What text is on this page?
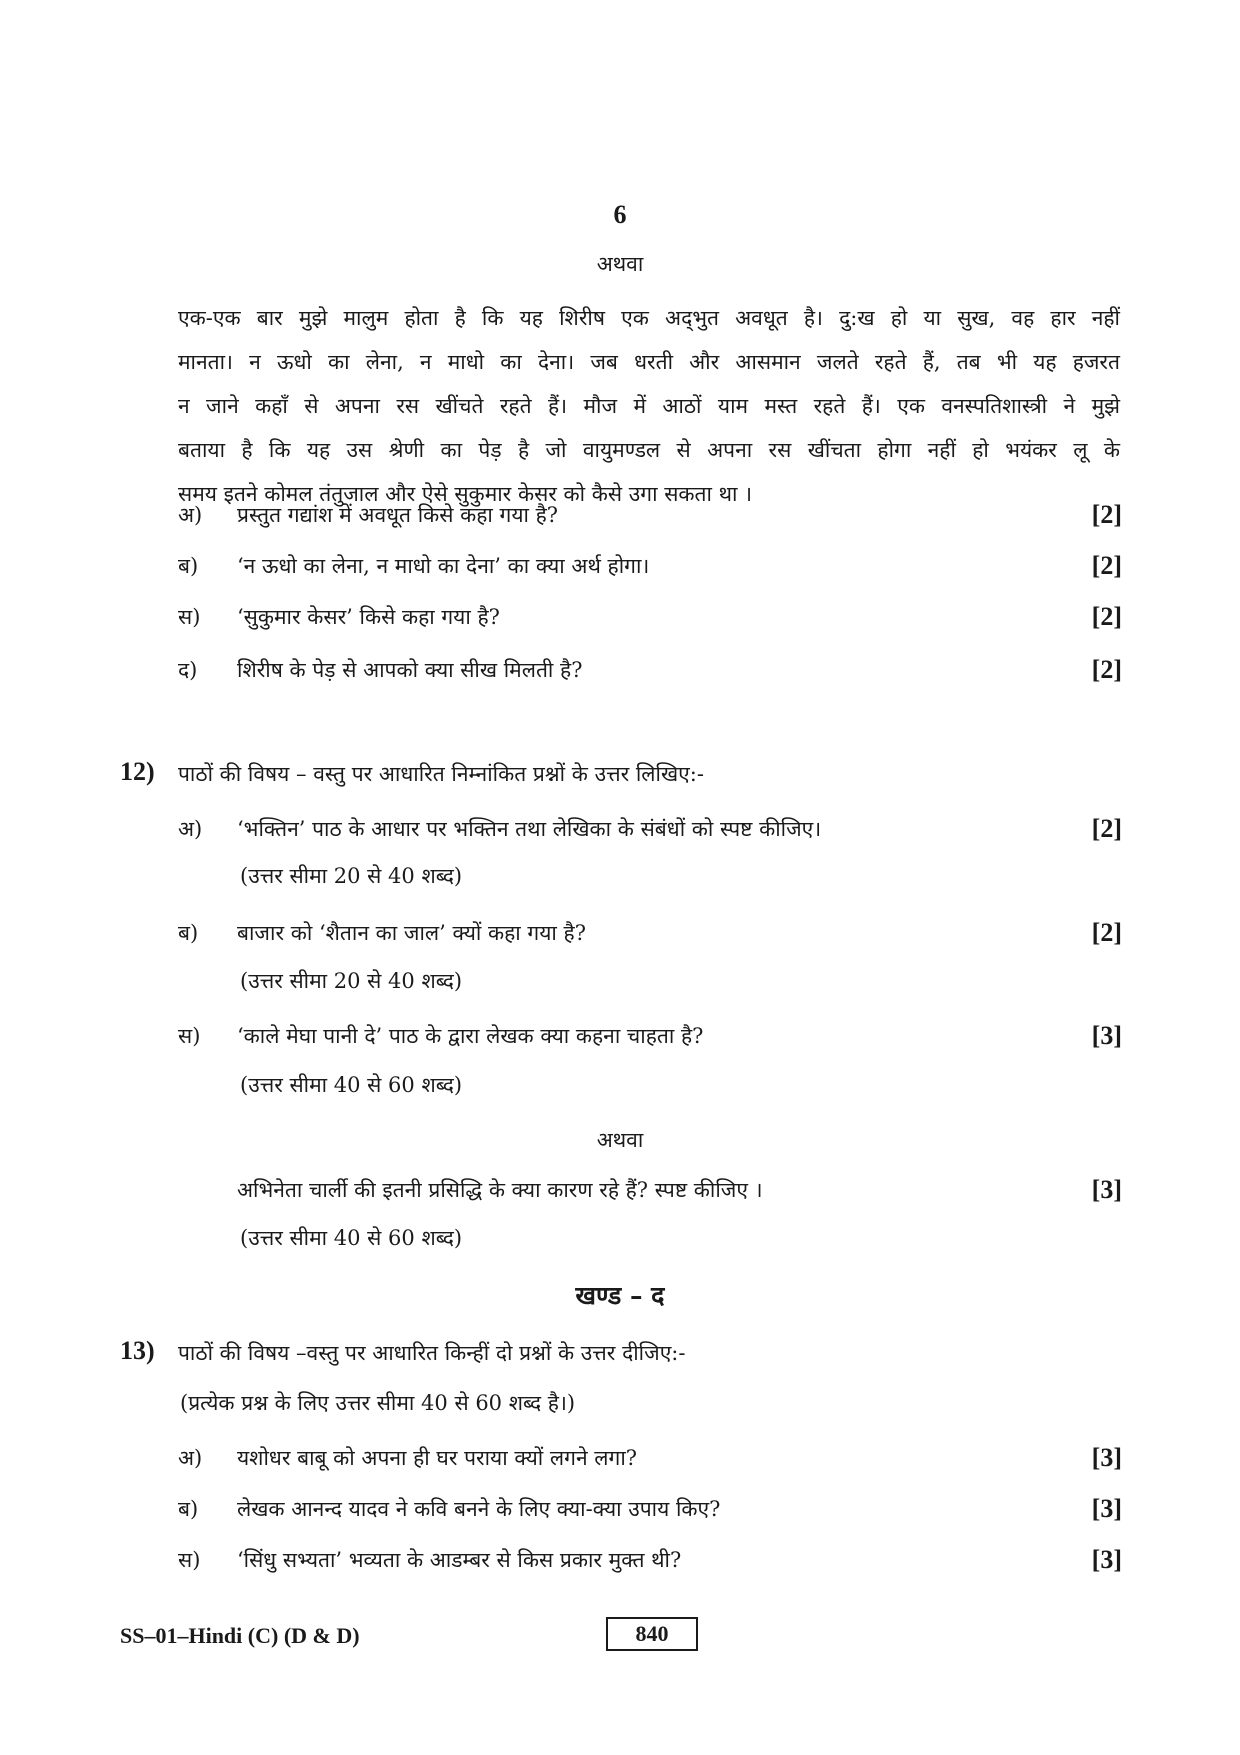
6
अथवा
एक-एक बार मुझे मालुम होता है कि यह शिरीष एक अद्‌भुत अवधूत है। दु:ख हो या सुख, वह हार नहीं
मानता। न ऊधो का लेना, न माधो का देना। जब धरती और आसमान जलते रहते हैं, तब भी यह हजरत
न जाने कहाँ से अपना रस खींचते रहते हैं। मौज में आठों याम मस्त रहते हैं। एक वनस्पतिशास्त्री ने मुझे
बताया है कि यह उस श्रेणी का पेड़ है जो वायुमण्डल से अपना रस खींचता होगा नहीं हो भयंकर लू के
समय इतने कोमल तंतुजाल और ऐसे सुकुमार केसर को कैसे उगा सकता था ।
अ) प्रस्तुत गद्यांश में अवधूत किसे कहा गया है?	[2]
ब) ‘न ऊधो का लेना, न माधो का देना’ का क्या अर्थ होगा।	[2]
स) ‘सुकुमार केसर’ किसे कहा गया है?	[2]
द) शिरीष के पेड़ से आपको क्या सीख मिलती है?	[2]
12) पाठों की विषय – वस्तु पर आधारित निम्नांकित प्रश्नों के उत्तर लिखिए:-
अ) ‘भक्तिन’ पाठ के आधार पर भक्तिन तथा लेखिका के संबंधों को स्पष्ट कीजिए।	[2]
(उत्तर सीमा 20 से 40 शब्द)
ब) बाजार को ‘शैतान का जाल’ क्यों कहा गया है?	[2]
(उत्तर सीमा 20 से 40 शब्द)
स) ‘काले मेघा पानी दे’ पाठ के द्वारा लेखक क्या कहना चाहता है?	[3]
(उत्तर सीमा 40 से 60 शब्द)
अथवा
अभिनेता चार्ली की इतनी प्रसिद्धि के क्या कारण रहे हैं? स्पष्ट कीजिए ।	[3]
(उत्तर सीमा 40 से 60 शब्द)
खण्ड – द
13) पाठों की विषय –वस्तु पर आधारित किन्हीं दो प्रश्नों के उत्तर दीजिए:-
(प्रत्येक प्रश्न के लिए उत्तर सीमा 40 से 60 शब्द है।)
अ) यशोधर बाबू को अपना ही घर पराया क्यों लगने लगा?	[3]
ब) लेखक आनन्द यादव ने कवि बनने के लिए क्या-क्या उपाय किए?	[3]
स) ‘सिंधु सभ्यता’ भव्यता के आडम्बर से किस प्रकार मुक्त थी?	[3]
SS–01–Hindi (C) (D & D)	840
